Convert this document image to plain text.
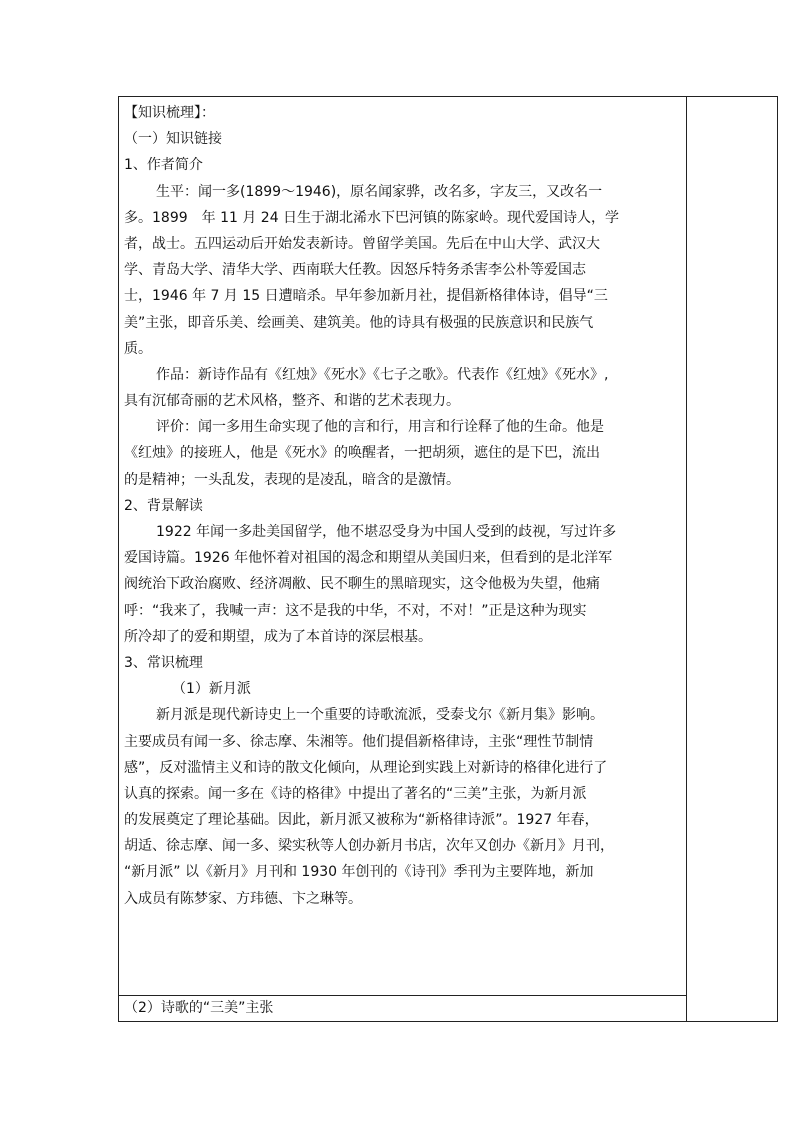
【知识梳理】：
（一）知识链接
1、作者简介
生平：闻一多(1899～1946)，原名闻家骅，改名多，字友三，又改名一
多。1899　年 11 月 24 日生于湖北浠水下巴河镇的陈家岭。现代爱国诗人，学
者，战士。五四运动后开始发表新诗。曾留学美国。先后在中山大学、武汉大
学、青岛大学、清华大学、西南联大任教。因怒斥特务杀害李公朴等爱国志
士，1946 年 7 月 15 日遭暗杀。早年参加新月社，提倡新格律体诗，倡导“三
美”主张，即音乐美、绘画美、建筑美。他的诗具有极强的民族意识和民族气
质。
作品：新诗作品有《红烛》《死水》《七子之歌》。代表作《红烛》《死水》,
具有沉郁奇丽的艺术风格，整齐、和谐的艺术表现力。
评价：闻一多用生命实现了他的言和行，用言和行诠释了他的生命。他是
《红烛》的接班人，他是《死水》的唤醒者，一把胡须，遮住的是下巴，流出
的是精神；一头乱发，表现的是凌乱，暗含的是激情。
2、背景解读
1922 年闻一多赴美国留学，他不堪忍受身为中国人受到的歧视，写过许多
爱国诗篇。1926 年他怀着对祖国的渴念和期望从美国归来，但看到的是北洋军
阀统治下政治腐败、经济凋敝、民不聊生的黑暗现实，这令他极为失望，他痛
呼：“我来了，我喊一声：这不是我的中华，不对，不对！”正是这种为现实
所冷却了的爱和期望，成为了本首诗的深层根基。
3、常识梳理
（1）新月派
新月派是现代新诗史上一个重要的诗歌流派，受泰戈尔《新月集》影响。
主要成员有闻一多、徐志摩、朱湘等。他们提倡新格律诗，主张“理性节制情
感”，反对滥情主义和诗的散文化倾向，从理论到实践上对新诗的格律化进行了
认真的探索。闻一多在《诗的格律》中提出了著名的“三美”主张，为新月派
的发展奠定了理论基础。因此，新月派又被称为“新格律诗派”。1927 年春，
胡适、徐志摩、闻一多、梁实秋等人创办新月书店，次年又创办《新月》月刊，
“新月派” 以《新月》月刊和 1930 年创刊的《诗刊》季刊为主要阵地，新加
入成员有陈梦家、方玮德、卞之琳等。
（2）诗歌的“三美”主张
